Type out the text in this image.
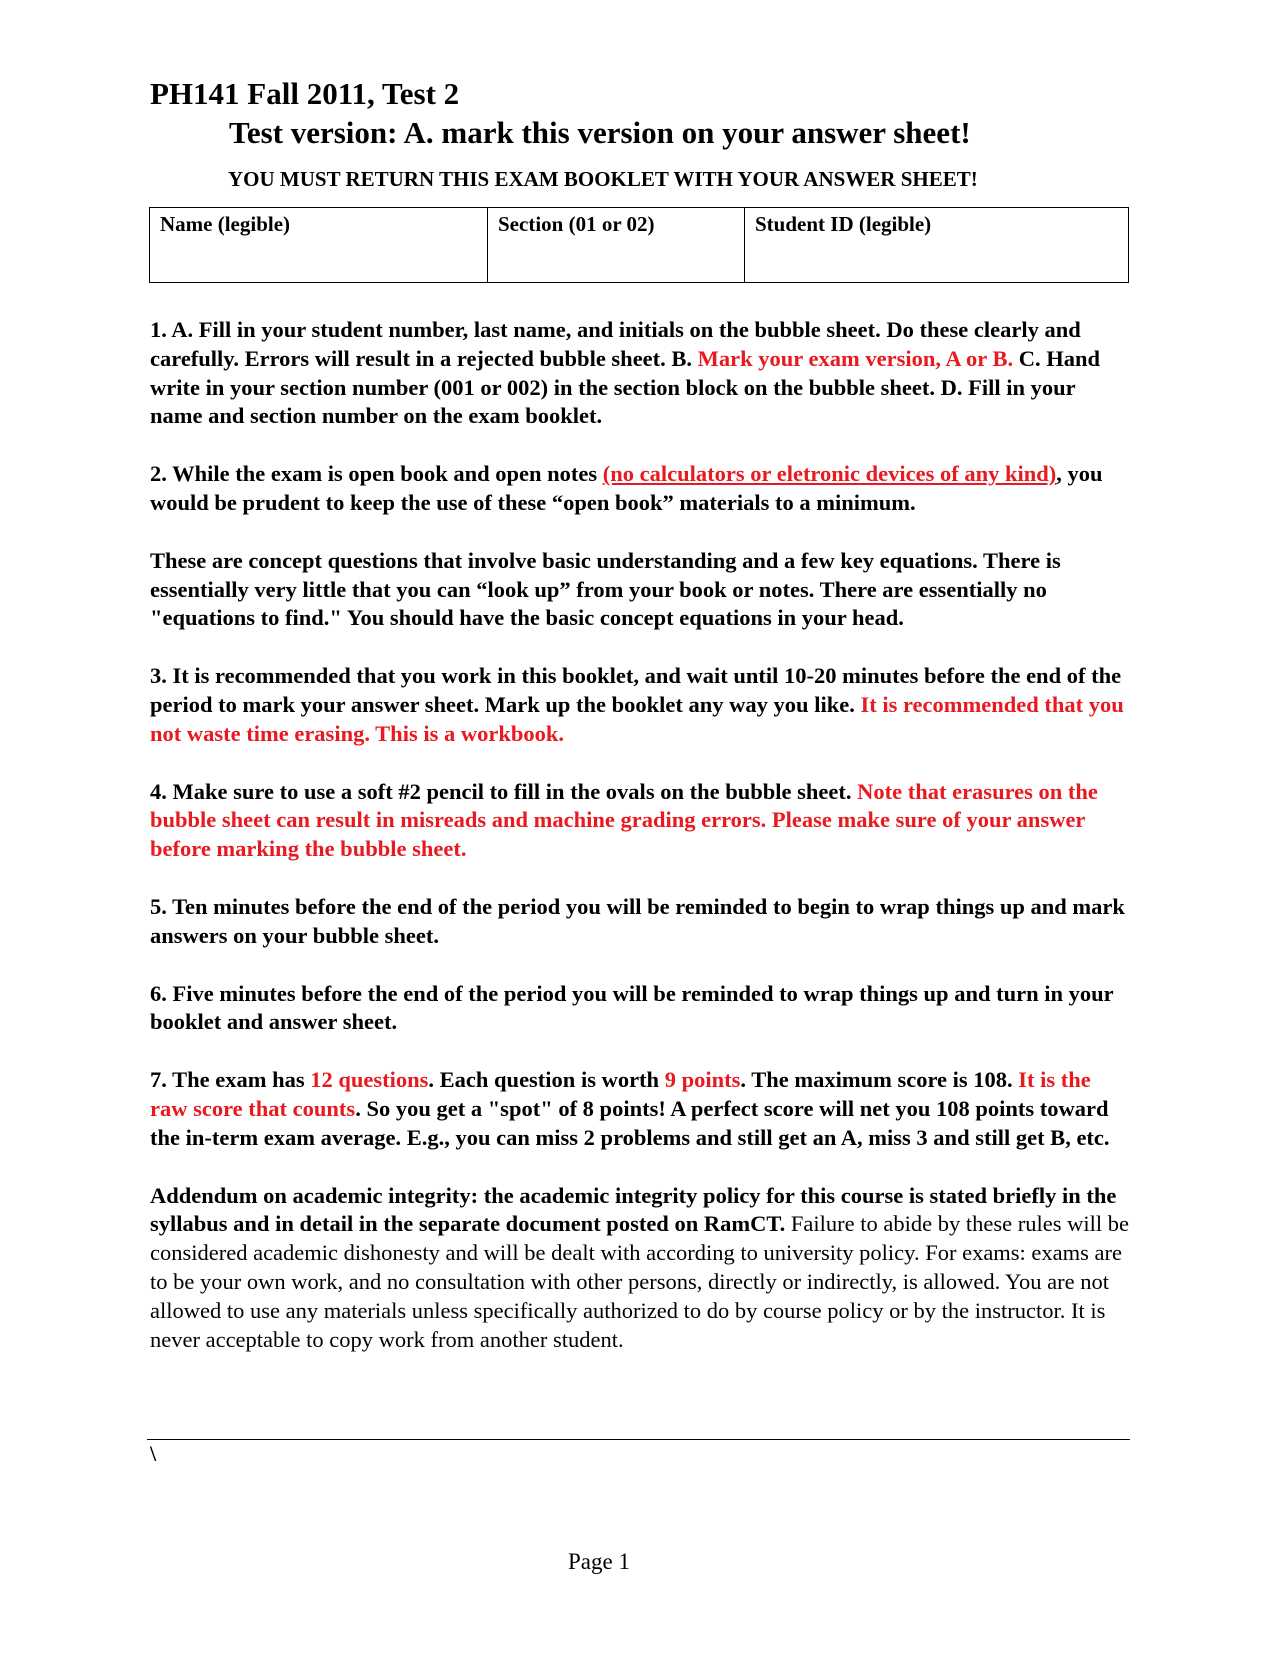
PH141 Fall 2011, Test 2
Test version: A. mark this version on your answer sheet!

YOU MUST RETURN THIS EXAM BOOKLET WITH YOUR ANSWER SHEET!

Name (legible)	Section (01 or 02)	Student ID (legible)

1. A. Fill in your student number, last name, and initials on the bubble sheet. Do these clearly and carefully. Errors will result in a rejected bubble sheet. B. Mark your exam version, A or B. C. Hand write in your section number (001 or 002) in the section block on the bubble sheet. D. Fill in your name and section number on the exam booklet.

2. While the exam is open book and open notes (no calculators or eletronic devices of any kind), you would be prudent to keep the use of these “open book” materials to a minimum.

These are concept questions that involve basic understanding and a few key equations. There is essentially very little that you can “look up” from your book or notes. There are essentially no "equations to find." You should have the basic concept equations in your head.

3. It is recommended that you work in this booklet, and wait until 10-20 minutes before the end of the period to mark your answer sheet. Mark up the booklet any way you like. It is recommended that you not waste time erasing. This is a workbook.

4. Make sure to use a soft #2 pencil to fill in the ovals on the bubble sheet. Note that erasures on the bubble sheet can result in misreads and machine grading errors. Please make sure of your answer before marking the bubble sheet.

5. Ten minutes before the end of the period you will be reminded to begin to wrap things up and mark answers on your bubble sheet.

6. Five minutes before the end of the period you will be reminded to wrap things up and turn in your booklet and answer sheet.

7. The exam has 12 questions. Each question is worth 9 points. The maximum score is 108. It is the raw score that counts. So you get a "spot" of 8 points! A perfect score will net you 108 points toward the in-term exam average. E.g., you can miss 2 problems and still get an A, miss 3 and still get B, etc.

Addendum on academic integrity: the academic integrity policy for this course is stated briefly in the syllabus and in detail in the separate document posted on RamCT. Failure to abide by these rules will be considered academic dishonesty and will be dealt with according to university policy. For exams: exams are to be your own work, and no consultation with other persons, directly or indirectly, is allowed. You are not allowed to use any materials unless specifically authorized to do by course policy or by the instructor. It is never acceptable to copy work from another student.

\

Page 1
